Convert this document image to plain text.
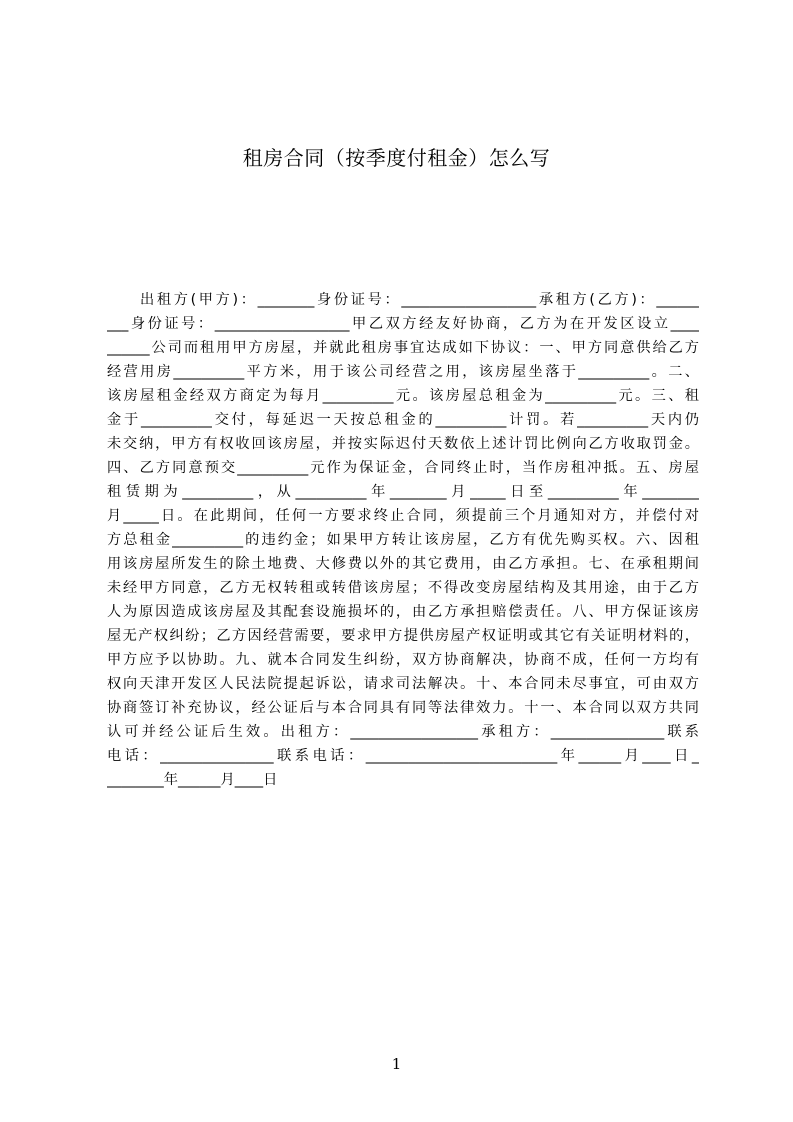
租房合同（按季度付租金）怎么写
出租方(甲方)：________身份证号：___________________承租方(乙方)：______
___身份证号：___________________甲乙双方经友好协商，乙方为在开发区设立____
______公司而租用甲方房屋，并就此租房事宜达成如下协议：一、甲方同意供给乙方
经营用房__________平方米，用于该公司经营之用，该房屋坐落于__________。二、
该房屋租金经双方商定为每月__________元。该房屋总租金为__________元。三、租
金于__________交付，每延迟一天按总租金的__________计罚。若__________天内仍
未交纳，甲方有权收回该房屋，并按实际迟付天数依上述计罚比例向乙方收取罚金。
四、乙方同意预交__________元作为保证金，合同终止时，当作房租冲抵。五、房屋
租赁期为__________，从__________年________月_____日至__________年________
月_____日。在此期间，任何一方要求终止合同，须提前三个月通知对方，并偿付对
方总租金__________的违约金；如果甲方转让该房屋，乙方有优先购买权。六、因租
用该房屋所发生的除土地费、大修费以外的其它费用，由乙方承担。七、在承租期间
未经甲方同意，乙方无权转租或转借该房屋；不得改变房屋结构及其用途，由于乙方
人为原因造成该房屋及其配套设施损坏的，由乙方承担赔偿责任。八、甲方保证该房
屋无产权纠纷；乙方因经营需要，要求甲方提供房屋产权证明或其它有关证明材料的，
甲方应予以协助。九、就本合同发生纠纷，双方协商解决，协商不成，任何一方均有
权向天津开发区人民法院提起诉讼，请求司法解决。十、本合同未尽事宜，可由双方
协商签订补充协议，经公证后与本合同具有同等法律效力。十一、本合同以双方共同
认可并经公证后生效。出租方：__________________承租方：________________联系
电话：________________联系电话：___________________________年______月____日_
________年______月____日
1
